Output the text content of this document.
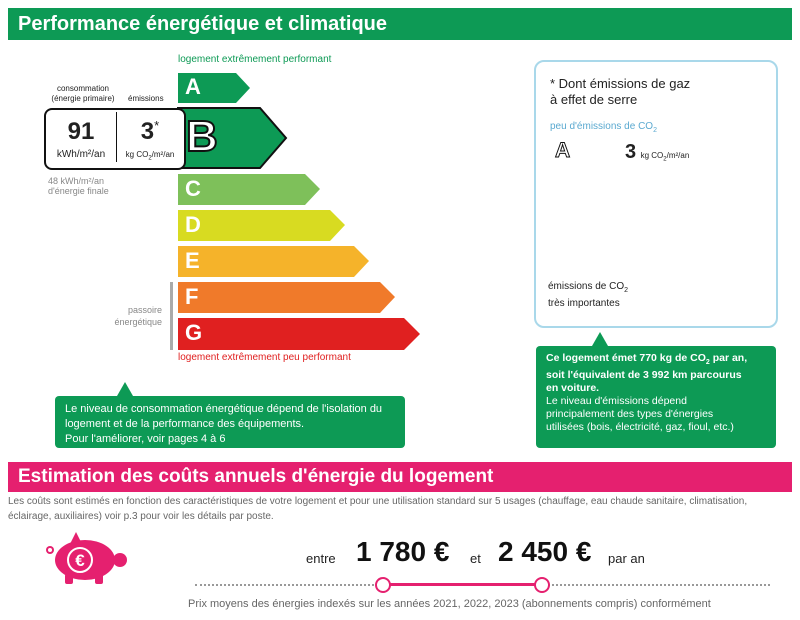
Performance énergétique et climatique
logement extrêmement performant
A
B
C
D
E
F
G
logement extrêmement peu performant
consommation
(énergie primaire)	émissions
91
kWh/m²/an
3*
kg $CO_2/m^2/an$
48 kWh/m²/an
d'énergie finale
passoire
énergétique
Le niveau de consommation énergétique dépend de l'isolation du
logement et de la performance des équipements.
Pour l'améliorer, voir pages 4 à 6
* Dont émissions de gaz
à effet de serre
peu d'émissions de $CO_2$
A
B
C
D
E
F
G
3 kg $CO_2/m^2/an$
émissions de $CO_2$
très importantes
Ce logement émet 770 kg de $CO_2$ par an,
soit l'équivalent de 3 992 km parcourus
en voiture.
Le niveau d'émissions dépend
principalement des types d'énergies
utilisées (bois, électricité, gaz, fioul, etc.)
Estimation des coûts annuels d'énergie du logement
Les coûts sont estimés en fonction des caractéristiques de votre logement et pour une utilisation standard sur 5 usages (chauffage, eau chaude sanitaire, climatisation,
éclairage, auxiliaires) voir p.3 pour voir les détails par poste.
€	entre 1 780 € et 2 450 € par an
Prix moyens des énergies indexés sur les années 2021, 2022, 2023 (abonnements compris) conformément
